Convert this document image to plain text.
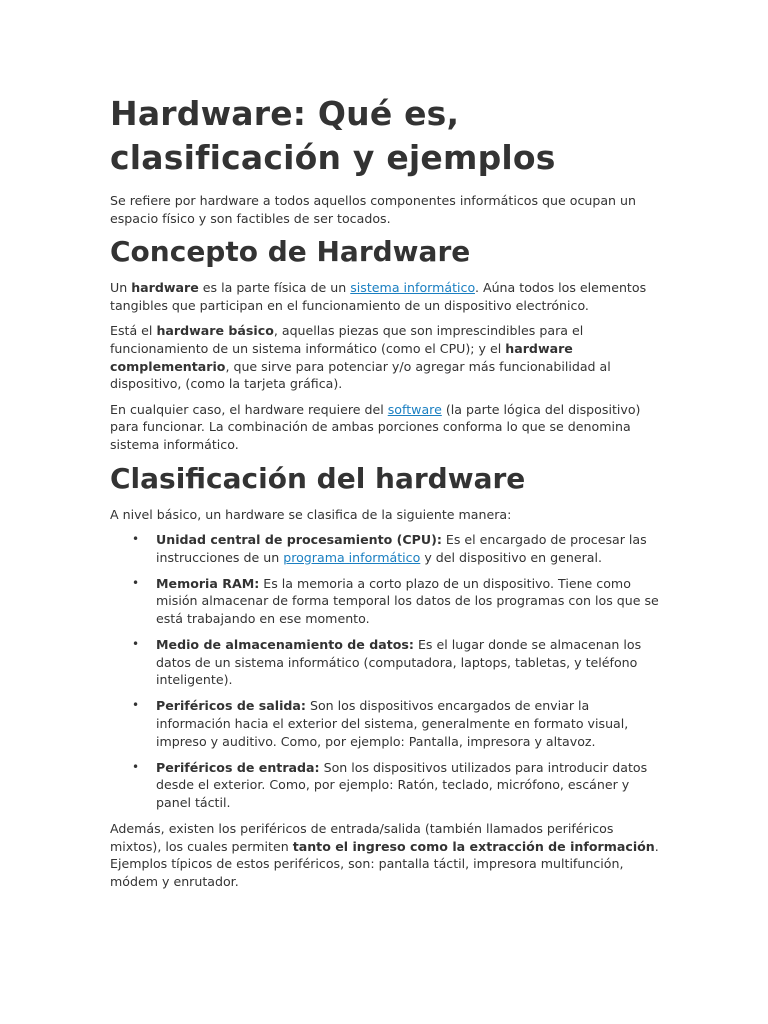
Hardware: Qué es, clasificación y ejemplos

Se refiere por hardware a todos aquellos componentes informáticos que ocupan un espacio físico y son factibles de ser tocados.

Concepto de Hardware

Un hardware es la parte física de un sistema informático. Aúna todos los elementos tangibles que participan en el funcionamiento de un dispositivo electrónico.

Está el hardware básico, aquellas piezas que son imprescindibles para el funcionamiento de un sistema informático (como el CPU); y el hardware complementario, que sirve para potenciar y/o agregar más funcionabilidad al dispositivo, (como la tarjeta gráfica).

En cualquier caso, el hardware requiere del software (la parte lógica del dispositivo) para funcionar. La combinación de ambas porciones conforma lo que se denomina sistema informático.

Clasificación del hardware

A nivel básico, un hardware se clasifica de la siguiente manera:

• Unidad central de procesamiento (CPU): Es el encargado de procesar las instrucciones de un programa informático y del dispositivo en general.
• Memoria RAM: Es la memoria a corto plazo de un dispositivo. Tiene como misión almacenar de forma temporal los datos de los programas con los que se está trabajando en ese momento.
• Medio de almacenamiento de datos: Es el lugar donde se almacenan los datos de un sistema informático (computadora, laptops, tabletas, y teléfono inteligente).
• Periféricos de salida: Son los dispositivos encargados de enviar la información hacia el exterior del sistema, generalmente en formato visual, impreso y auditivo. Como, por ejemplo: Pantalla, impresora y altavoz.
• Periféricos de entrada: Son los dispositivos utilizados para introducir datos desde el exterior. Como, por ejemplo: Ratón, teclado, micrófono, escáner y panel táctil.

Además, existen los periféricos de entrada/salida (también llamados periféricos mixtos), los cuales permiten tanto el ingreso como la extracción de información. Ejemplos típicos de estos periféricos, son: pantalla táctil, impresora multifunción, módem y enrutador.
